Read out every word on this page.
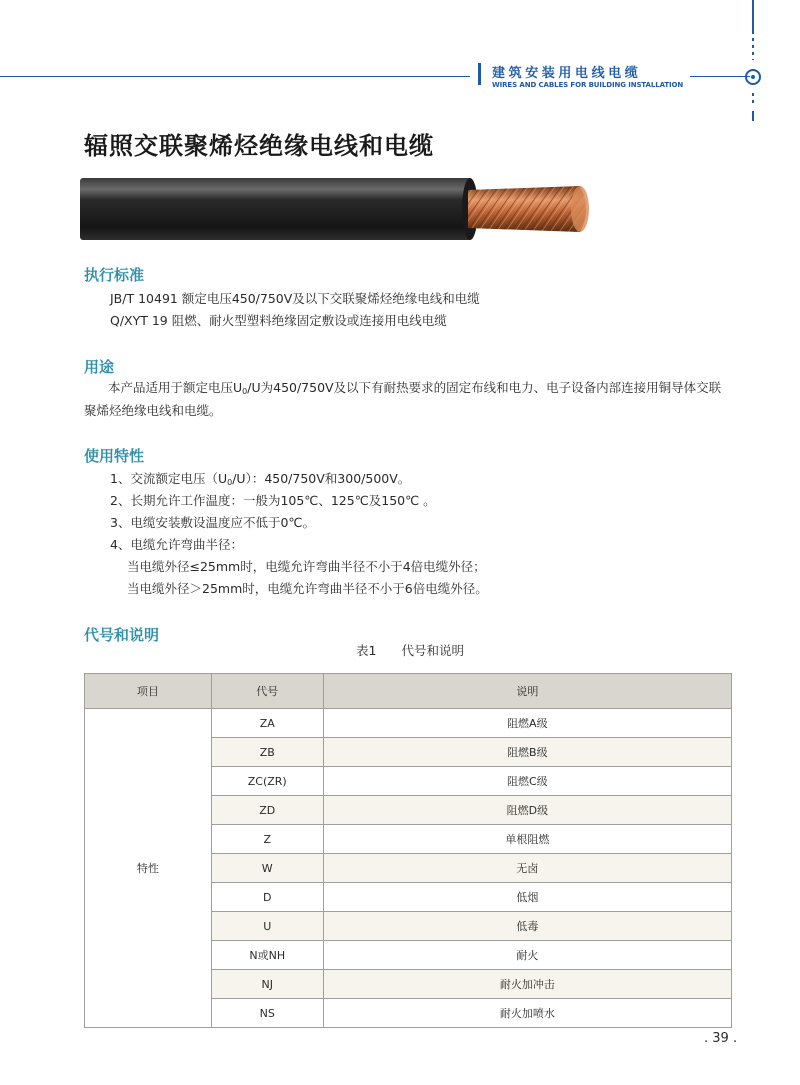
建筑安装用电线电缆
WIRES AND CABLES FOR BUILDING INSTALLATION
辐照交联聚烯烃绝缘电线和电缆
执行标准
JB/T 10491 额定电压450/750V及以下交联聚烯烃绝缘电线和电缆
Q/XYT 19 阻燃、耐火型塑料绝缘固定敷设或连接用电线电缆
用途
本产品适用于额定电压$U_0/U$为450/750V及以下有耐热要求的固定布线和电力、电子设备内部连接用铜导体交联
聚烯烃绝缘电线和电缆。
使用特性
1、交流额定电压$(U_0/U)$：450/750V和300/500V。
2、长期允许工作温度：一般为105℃、125℃及150℃ 。
3、电缆安装敷设温度应不低于0℃。
4、电缆允许弯曲半径：
当电缆外径≤25mm时，电缆允许弯曲半径不小于4倍电缆外径；
当电缆外径＞25mm时，电缆允许弯曲半径不小于6倍电缆外径。
代号和说明
表1　　代号和说明
项目	代号	说明
特性	ZA	阻燃A级
	ZB	阻燃B级
	ZC(ZR)	阻燃C级
	ZD	阻燃D级
	Z	单根阻燃
	W	无卤
	D	低烟
	U	低毒
	N或NH	耐火
	NJ	耐火加冲击
	NS	耐火加喷水
. 39 .
